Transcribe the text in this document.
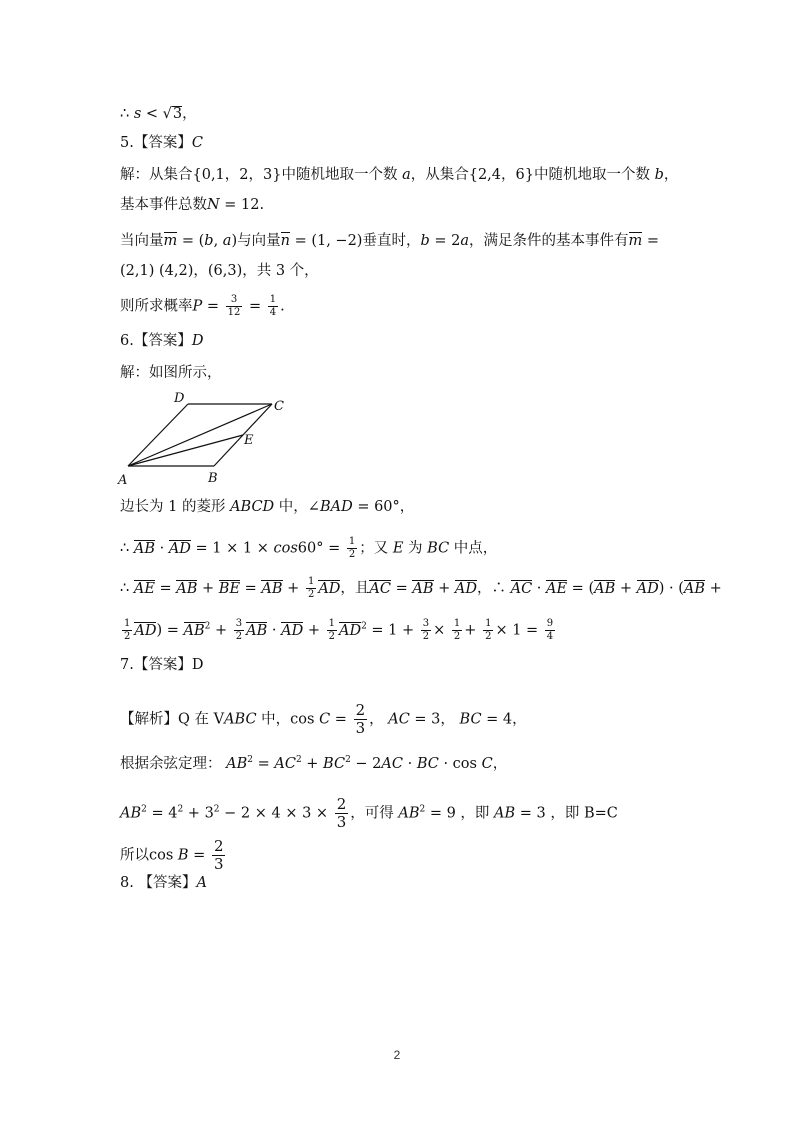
∴ s < √3，
5.【答案】C
解：从集合{0,1，2，3}中随机地取一个数 a，从集合{2,4，6}中随机地取一个数 b，
基本事件总数N = 12.
当向量m = (b, a)与向量n = (1, −2)垂直时，b = 2a，满足条件的基本事件有m =
(2,1) (4,2)，(6,3)，共 3 个，
则所求概率$P = \frac{3}{12} = \frac{1}{4}$ .
6.【答案】D
解：如图所示，
D
C
E
A	B
边长为 1 的菱形 ABCD 中，∠BAD = 60°，
∴ AB · AD = $1 \times 1 \times \cos 60^\circ = \frac{1}{2}$ ；又 E 为 BC 中点，
∴ AE = AB + BE = AB + $\frac{1}{2}$ AD，且AC = AB + AD，∴ AC · AE = (AB + AD) · (AB +
$\frac{1}{2} AD) = AB^2 + \frac{3}{2}$ AB · AD + $\frac{1}{2} AD^2 = 1 + \frac{3}{2} \times \frac{1}{2} + \frac{1}{2} \times 1 = \frac{9}{4}$
7.【答案】D
【解析】Q 在 VABC 中，$\cos C = \frac{2}{3}$ ， AC = 3， BC = 4，
根据余弦定理： $AB^2 = AC^2 + BC^2 - 2AC$ · BC · cos C，
$AB^2 = 4^2 + 3^2 - 2 \times 4 \times 3 \times \frac{2}{3}$ ，可得 $AB^2 = 9$ ，即 AB = 3 ，即 B=C
所以$\cos B = \frac{2}{3}$
8. 【答案】A
2
